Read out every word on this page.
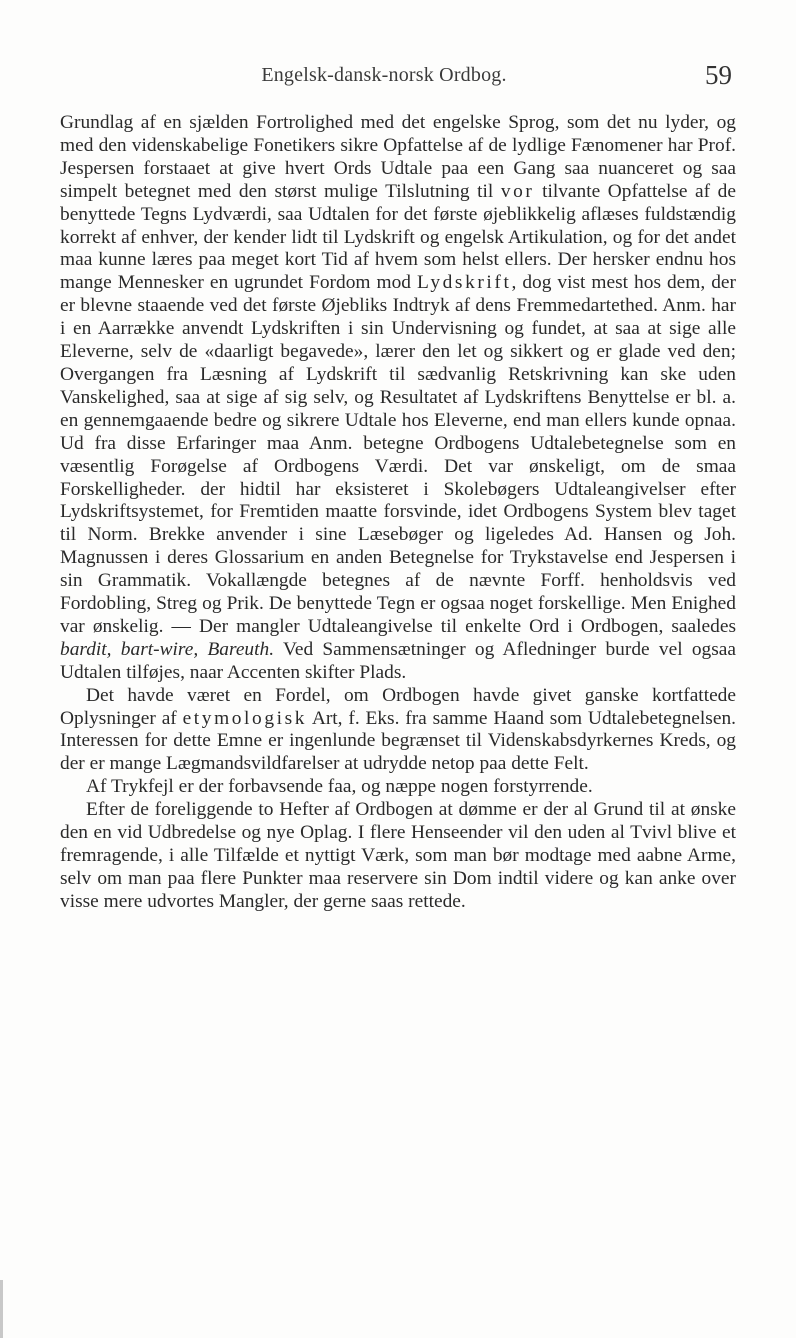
Engelsk-dansk-norsk Ordbog.	59

Grundlag af en sjælden Fortrolighed med det engelske Sprog, som det nu lyder, og med den videnskabelige Fonetikers sikre Opfattelse af de lydlige Fænomener har Prof. Jespersen forstaaet at give hvert Ords Udtale paa een Gang saa nuanceret og saa simpelt betegnet med den størst mulige Tilslutning til vor tilvante Opfattelse af de benyttede Tegns Lydværdi, saa Udtalen for det første øjeblikkelig aflæses fuldstændig korrekt af enhver, der kender lidt til Lydskrift og engelsk Artikulation, og for det andet maa kunne læres paa meget kort Tid af hvem som helst ellers. Der hersker endnu hos mange Mennesker en ugrundet Fordom mod Lydskrift, dog vist mest hos dem, der er blevne staaende ved det første Øjebliks Indtryk af dens Fremmedartethed. Anm. har i en Aarrække anvendt Lydskriften i sin Undervisning og fundet, at saa at sige alle Eleverne, selv de «daarligt begavede», lærer den let og sikkert og er glade ved den; Overgangen fra Læsning af Lydskrift til sædvanlig Retskrivning kan ske uden Vanskelighed, saa at sige af sig selv, og Resultatet af Lydskriftens Benyttelse er bl. a. en gennemgaaende bedre og sikrere Udtale hos Eleverne, end man ellers kunde opnaa. Ud fra disse Erfaringer maa Anm. betegne Ordbogens Udtalebetegnelse som en væsentlig Forøgelse af Ordbogens Værdi. Det var ønskeligt, om de smaa Forskelligheder. der hidtil har eksisteret i Skolebøgers Udtaleangivelser efter Lydskriftsystemet, for Fremtiden maatte forsvinde, idet Ordbogens System blev taget til Norm. Brekke anvender i sine Læsebøger og ligeledes Ad. Hansen og Joh. Magnussen i deres Glossarium en anden Betegnelse for Trykstavelse end Jespersen i sin Grammatik. Vokallængde betegnes af de nævnte Forff. henholdsvis ved Fordobling, Streg og Prik. De benyttede Tegn er ogsaa noget forskellige. Men Enighed var ønskelig. — Der mangler Udtaleangivelse til enkelte Ord i Ordbogen, saaledes bardit, bart-wire, Bareuth. Ved Sammensætninger og Afledninger burde vel ogsaa Udtalen tilføjes, naar Accenten skifter Plads.

Det havde været en Fordel, om Ordbogen havde givet ganske kortfattede Oplysninger af etymologisk Art, f. Eks. fra samme Haand som Udtalebetegnelsen. Interessen for dette Emne er ingenlunde begrænset til Videnskabsdyrkernes Kreds, og der er mange Lægmandsvildfarelser at udrydde netop paa dette Felt.

Af Trykfejl er der forbavsende faa, og næppe nogen forstyrrende.

Efter de foreliggende to Hefter af Ordbogen at dømme er der al Grund til at ønske den en vid Udbredelse og nye Oplag. I flere Henseender vil den uden al Tvivl blive et fremragende, i alle Tilfælde et nyttigt Værk, som man bør modtage med aabne Arme, selv om man paa flere Punkter maa reservere sin Dom indtil videre og kan anke over visse mere udvortes Mangler, der gerne saas rettede.
